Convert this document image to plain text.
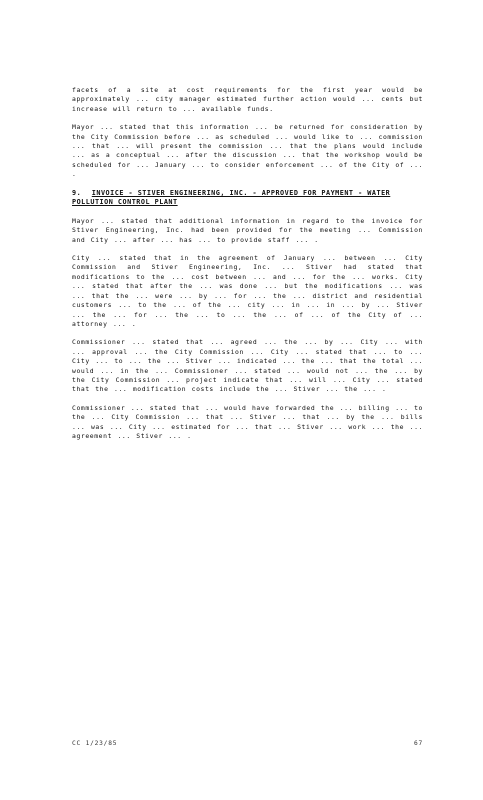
facets of a site at cost requirements for the first year would be approximately ... city manager estimated further action would ... cents but increase will return to ... available funds.

Mayor ... stated that this information ... be returned for consideration by the City Commission before ... as scheduled ... would like to ... commission ... that ... will present the commission ... that the plans would include ... as a conceptual ... after the discussion ... that the workshop would be scheduled for ... January ... to consider enforcement ... of the City of ... .

9. INVOICE - STIVER ENGINEERING, INC. - APPROVED FOR PAYMENT - WATER POLLUTION CONTROL PLANT

Mayor ... stated that additional information in regard to the invoice for Stiver Engineering, Inc. had been provided for the meeting ... Commission and City ... after ... has ... to provide staff ... .

City ... stated that in the agreement of January ... between ... City Commission and Stiver Engineering, Inc. ... Stiver had stated that modifications to the ... cost between ... and ... for the ... works. City ... stated that after the ... was done ... but the modifications ... was ... that the ... were ... by ... for ... the ... district and residential customers ... to the ... of the ... city ... in ... in ... by ... Stiver ... the ... for ... the ... to ... the ... of ... of the City of ... attorney ... .

Commissioner ... stated that ... agreed ... the ... by ... City ... with ... approval ... the City Commission ... City ... stated that ... to ... City ... to ... the ... Stiver ... indicated ... the ... that the total ... would ... in the ... Commissioner ... stated ... would not ... the ... by the City Commission ... project indicate that ... will ... City ... stated that the ... modification costs include the ... Stiver ... the ... .

Commissioner ... stated that ... would have forwarded the ... billing ... to the ... City Commission ... that ... Stiver ... that ... by the ... bills ... was ... City ... estimated for ... that ... Stiver ... work ... the ... agreement ... Stiver ... .

CC 1/23/85	67
